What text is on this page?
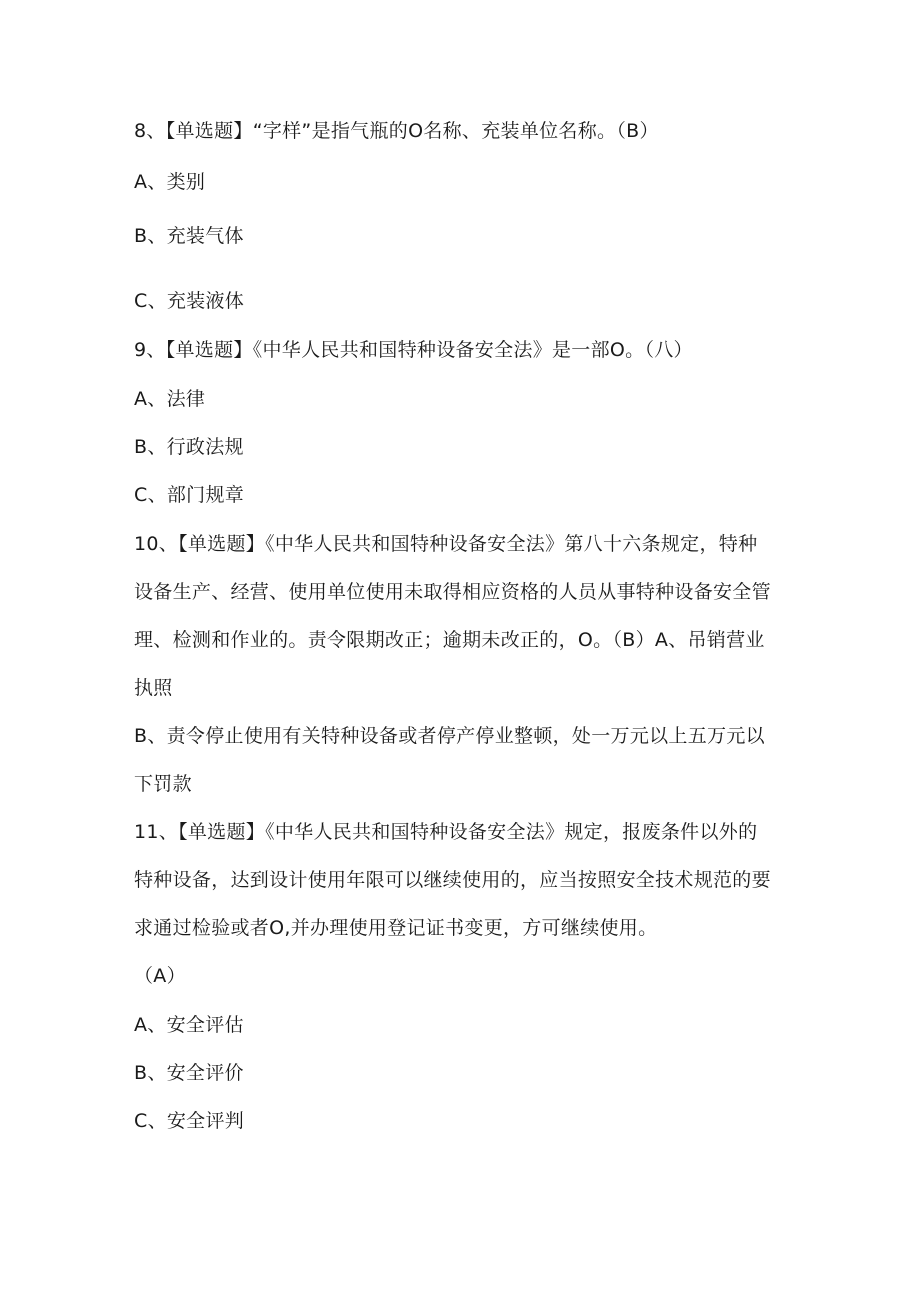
8、【单选题】“字样”是指气瓶的O名称、充装单位名称。（B）
A、类别
B、充装气体
C、充装液体
9、【单选题】《中华人民共和国特种设备安全法》是一部O。（八）
A、法律
B、行政法规
C、部门规章
10、【单选题】《中华人民共和国特种设备安全法》第八十六条规定，特种
设备生产、经营、使用单位使用未取得相应资格的人员从事特种设备安全管
理、检测和作业的。责令限期改正；逾期未改正的，O。（B）A、吊销营业
执照
B、责令停止使用有关特种设备或者停产停业整顿，处一万元以上五万元以
下罚款
11、【单选题】《中华人民共和国特种设备安全法》规定，报废条件以外的
特种设备，达到设计使用年限可以继续使用的，应当按照安全技术规范的要
求通过检验或者O,并办理使用登记证书变更，方可继续使用。
（A）
A、安全评估
B、安全评价
C、安全评判
